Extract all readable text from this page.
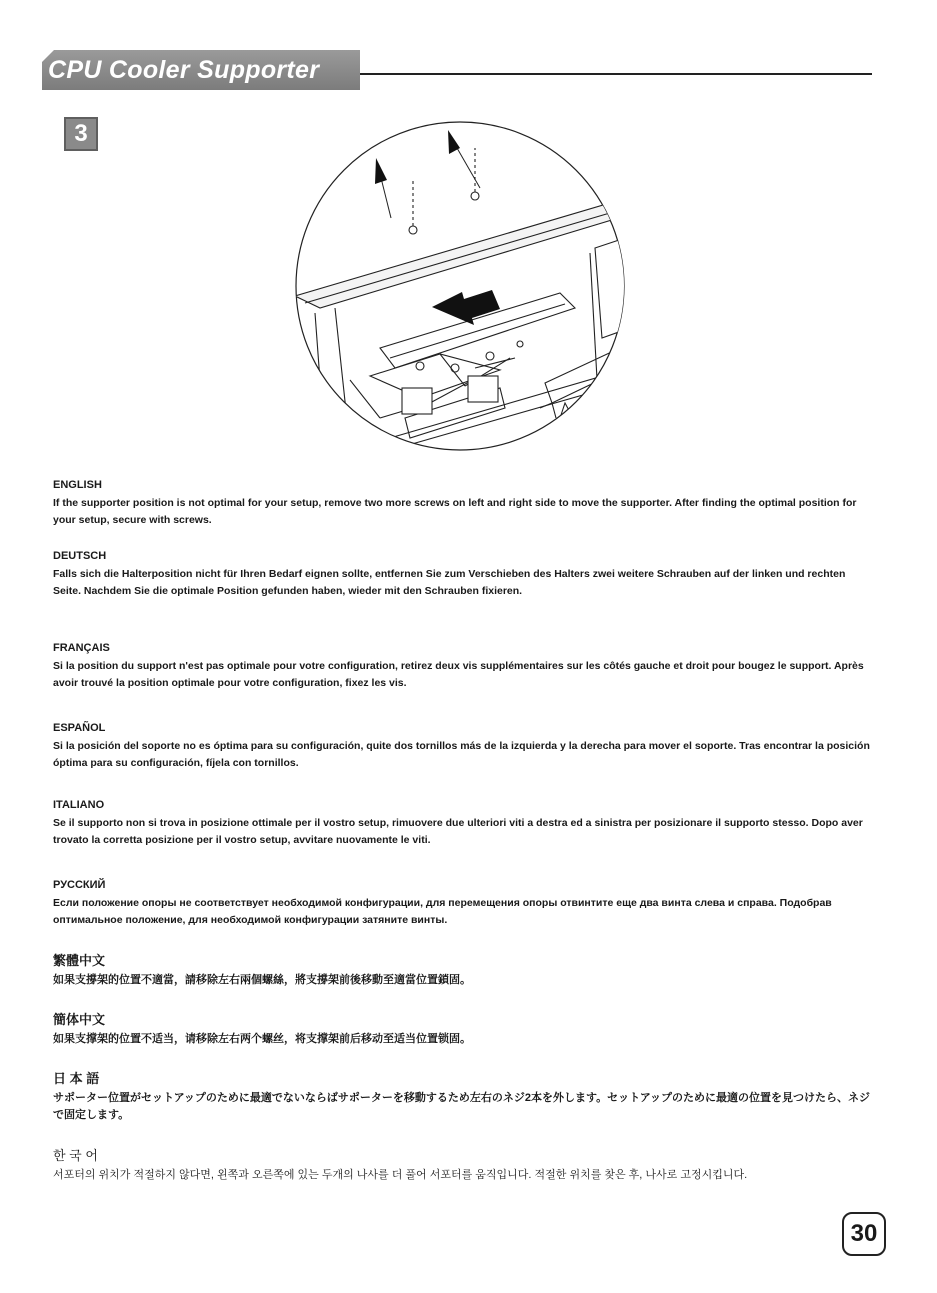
CPU Cooler Supporter
3
ENGLISH
If the supporter position is not optimal for your setup, remove two more screws on left and right side to move the supporter. After finding the optimal position for your setup, secure with screws.
DEUTSCH
Falls sich die Halterposition nicht für Ihren Bedarf eignen sollte, entfernen Sie zum Verschieben des Halters zwei weitere Schrauben auf der linken und rechten Seite. Nachdem Sie die optimale Position gefunden haben, wieder mit den Schrauben fixieren.
FRANÇAIS
Si la position du support n'est pas optimale pour votre configuration, retirez deux vis supplémentaires sur les côtés gauche et droit pour bougez le support. Après avoir trouvé la position optimale pour votre configuration, fixez les vis.
ESPAÑOL
Si la posición del soporte no es óptima para su configuración, quite dos tornillos más de la izquierda y la derecha para mover el soporte. Tras encontrar la posición óptima para su configuración, fíjela con tornillos.
ITALIANO
Se il supporto non si trova in posizione ottimale per il vostro setup, rimuovere due ulteriori viti a destra ed a sinistra per posizionare il supporto stesso. Dopo aver trovato la corretta posizione per il vostro setup, avvitare nuovamente le viti.
РУССКИЙ
Если положение опоры не соответствует необходимой конфигурации, для перемещения опоры отвинтите еще два винта слева и справа. Подобрав оптимальное положение, для необходимой конфигурации затяните винты.
繁體中文
如果支撐架的位置不適當，請移除左右兩個螺絲，將支撐架前後移動至適當位置鎖固。
簡体中文
如果支撑架的位置不适当，请移除左右两个螺丝，将支撑架前后移动至适当位置锁固。
日 本 語
サポーター位置がセットアップのために最適でないならばサポーターを移動するため左右のネジ2本を外します。セットアップのために最適の位置を見つけたら、ネジで固定します。
한 국 어
서포터의 위치가 적절하지 않다면, 왼쪽과 오른쪽에 있는 두개의 나사를 더 풀어 서포터를 움직입니다. 적절한 위치를 찾은 후, 나사로 고정시킵니다.
30
